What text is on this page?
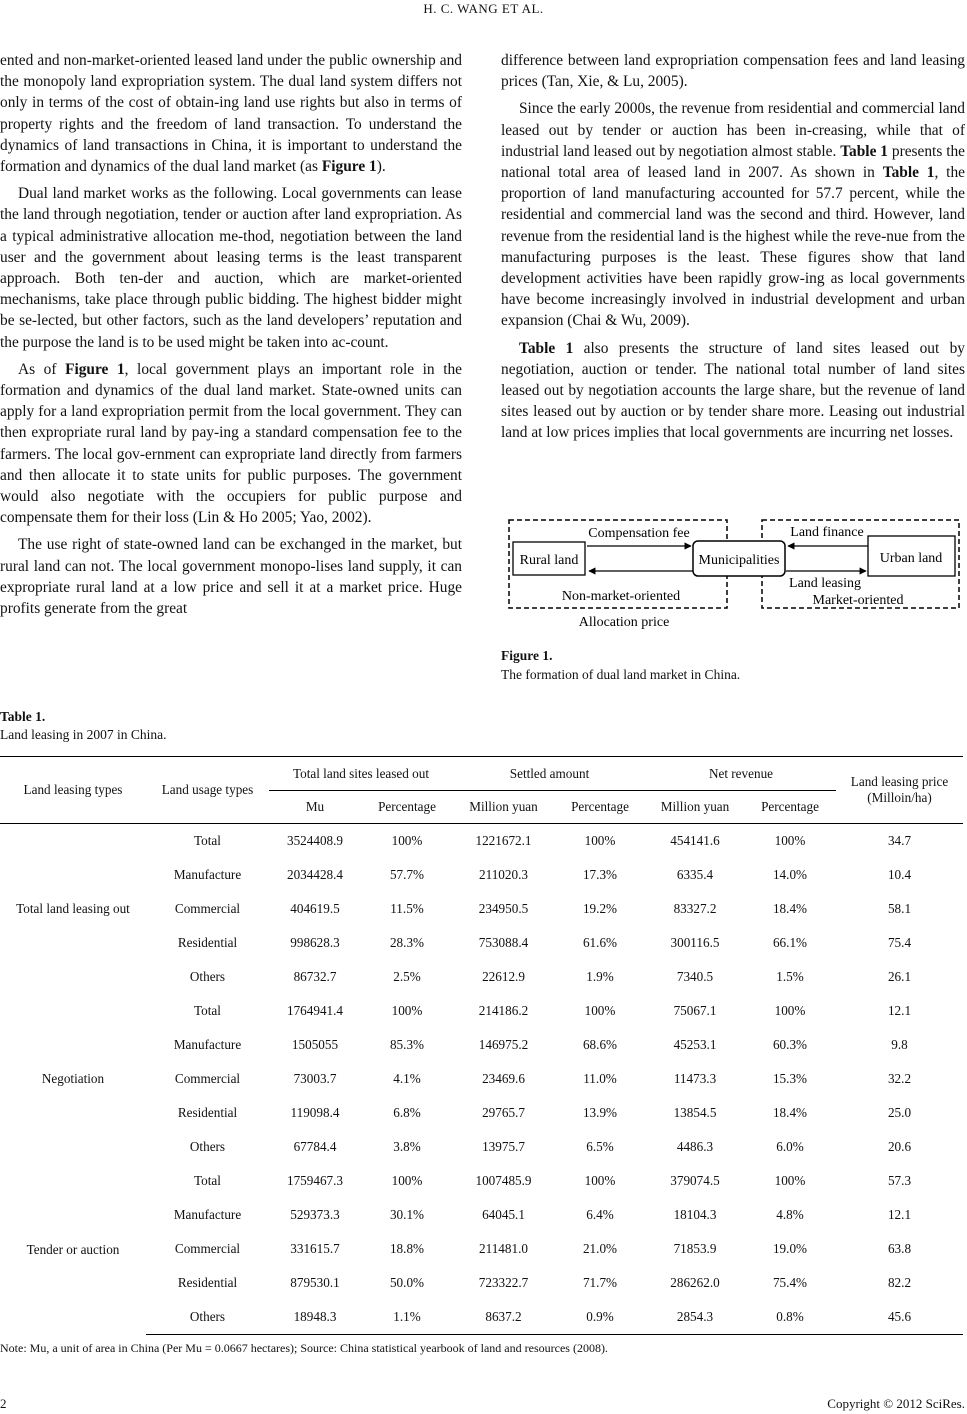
H. C. WANG ET AL.

ented and non-market-oriented leased land under the public ownership and the monopoly land expropriation system. The dual land system differs not only in terms of the cost of obtain-ing land use rights but also in terms of property rights and the freedom of land transaction. To understand the dynamics of land transactions in China, it is important to understand the formation and dynamics of the dual land market (as Figure 1).

Dual land market works as the following. Local governments can lease the land through negotiation, tender or auction after land expropriation. As a typical administrative allocation me-thod, negotiation between the land user and the government about leasing terms is the least transparent approach. Both ten-der and auction, which are market-oriented mechanisms, take place through public bidding. The highest bidder might be se-lected, but other factors, such as the land developers’ reputation and the purpose the land is to be used might be taken into ac-count.

As of Figure 1, local government plays an important role in the formation and dynamics of the dual land market. State-owned units can apply for a land expropriation permit from the local government. They can then expropriate rural land by pay-ing a standard compensation fee to the farmers. The local gov-ernment can expropriate land directly from farmers and then allocate it to state units for public purposes. The government would also negotiate with the occupiers for public purpose and compensate them for their loss (Lin & Ho 2005; Yao, 2002).

The use right of state-owned land can be exchanged in the market, but rural land can not. The local government monopo-lises land supply, it can expropriate rural land at a low price and sell it at a market price. Huge profits generate from the great

difference between land expropriation compensation fees and land leasing prices (Tan, Xie, & Lu, 2005).

Since the early 2000s, the revenue from residential and commercial land leased out by tender or auction has been in-creasing, while that of industrial land leased out by negotiation almost stable. Table 1 presents the national total area of leased land in 2007. As shown in Table 1, the proportion of land manufacturing accounted for 57.7 percent, while the residential and commercial land was the second and third. However, land revenue from the residential land is the highest while the reve-nue from the manufacturing purposes is the least. These figures show that land development activities have been rapidly grow-ing as local governments have become increasingly involved in industrial development and urban expansion (Chai & Wu, 2009).

Table 1 also presents the structure of land sites leased out by negotiation, auction or tender. The national total number of land sites leased out by negotiation accounts the large share, but the revenue of land sites leased out by auction or by tender share more. Leasing out industrial land at low prices implies that local governments are incurring net losses.

Rural land	Municipalities	Urban land
Compensation fee	Land finance
Land leasing
Non-market-oriented	Market-oriented
Allocation price
Figure 1.
The formation of dual land market in China.
Table 1.
Land leasing in 2007 in China.
Land leasing types	Land usage types	Total land sites leased out		Settled amount		Net revenue		Land leasing price (Milloin/ha)
		Mu	Percentage	Million yuan	Percentage	Million yuan	Percentage	

Total land leasing out	Total	3524408.9	100%	1221672.1	100%	454141.6	100%	34.7
	Manufacture	2034428.4	57.7%	211020.3	17.3%	6335.4	14.0%	10.4
	Commercial	404619.5	11.5%	234950.5	19.2%	83327.2	18.4%	58.1
	Residential	998628.3	28.3%	753088.4	61.6%	300116.5	66.1%	75.4
	Others	86732.7	2.5%	22612.9	1.9%	7340.5	1.5%	26.1
Negotiation	Total	1764941.4	100%	214186.2	100%	75067.1	100%	12.1
	Manufacture	1505055	85.3%	146975.2	68.6%	45253.1	60.3%	9.8
	Commercial	73003.7	4.1%	23469.6	11.0%	11473.3	15.3%	32.2
	Residential	119098.4	6.8%	29765.7	13.9%	13854.5	18.4%	25.0
	Others	67784.4	3.8%	13975.7	6.5%	4486.3	6.0%	20.6
Tender or auction	Total	1759467.3	100%	1007485.9	100%	379074.5	100%	57.3
	Manufacture	529373.3	30.1%	64045.1	6.4%	18104.3	4.8%	12.1
	Commercial	331615.7	18.8%	211481.0	21.0%	71853.9	19.0%	63.8
	Residential	879530.1	50.0%	723322.7	71.7%	286262.0	75.4%	82.2
	Others	18948.3	1.1%	8637.2	0.9%	2854.3	0.8%	45.6
Note: Mu, a unit of area in China (Per Mu = 0.0667 hectares); Source: China statistical yearbook of land and resources (2008).
2	Copyright © 2012 SciRes.
